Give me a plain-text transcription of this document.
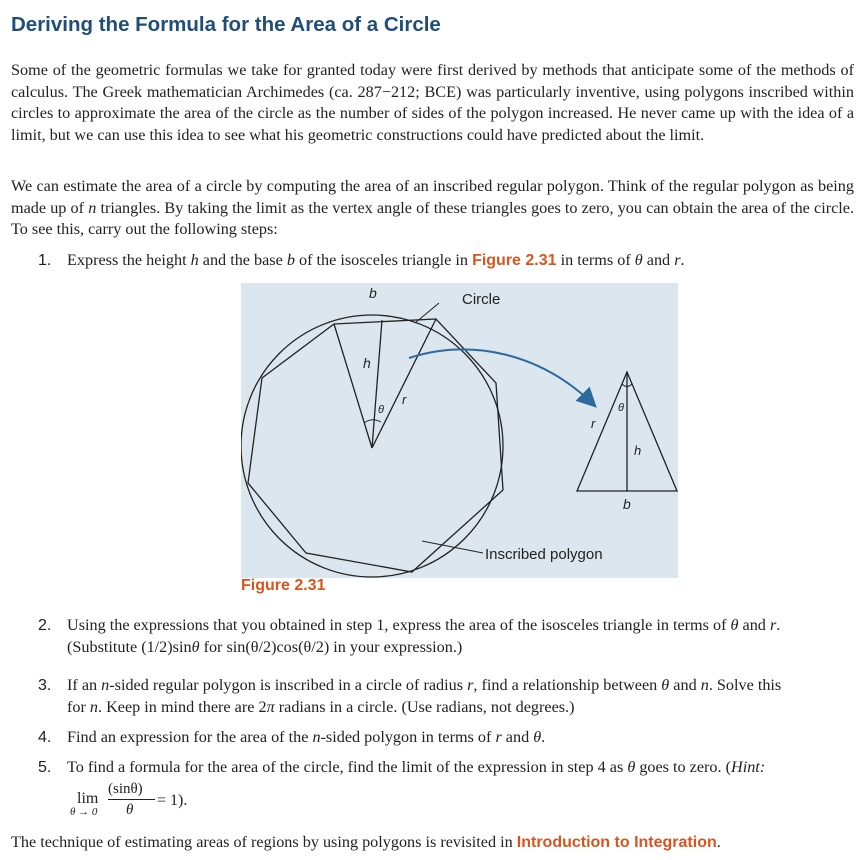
Deriving the Formula for the Area of a Circle

Some of the geometric formulas we take for granted today were first derived by methods that anticipate some of the methods of calculus. The Greek mathematician Archimedes (ca. 287−212; BCE) was particularly inventive, using polygons inscribed within circles to approximate the area of the circle as the number of sides of the polygon increased. He never came up with the idea of a limit, but we can use this idea to see what his geometric constructions could have predicted about the limit.

We can estimate the area of a circle by computing the area of an inscribed regular polygon. Think of the regular polygon as being made up of n triangles. By taking the limit as the vertex angle of these triangles goes to zero, you can obtain the area of the circle. To see this, carry out the following steps:

1. Express the height h and the base b of the isosceles triangle in Figure 2.31 in terms of θ and r.
b	Circle
h
θ
r
θ
r
h
b
Inscribed polygon
Figure 2.31
2. Using the expressions that you obtained in step 1, express the area of the isosceles triangle in terms of θ and r.
(Substitute (1/2)sinθ for sin(θ/2)cos(θ/2) in your expression.)
3. If an n-sided regular polygon is inscribed in a circle of radius r, find a relationship between θ and n. Solve this
for n. Keep in mind there are 2π radians in a circle. (Use radians, not degrees.)
4. Find an expression for the area of the n-sided polygon in terms of r and θ.
5. To find a formula for the area of the circle, find the limit of the expression in step 4 as θ goes to zero. (Hint:
lim
θ → 0
(sinθ)
θ
= 1).
The technique of estimating areas of regions by using polygons is revisited in Introduction to Integration.
